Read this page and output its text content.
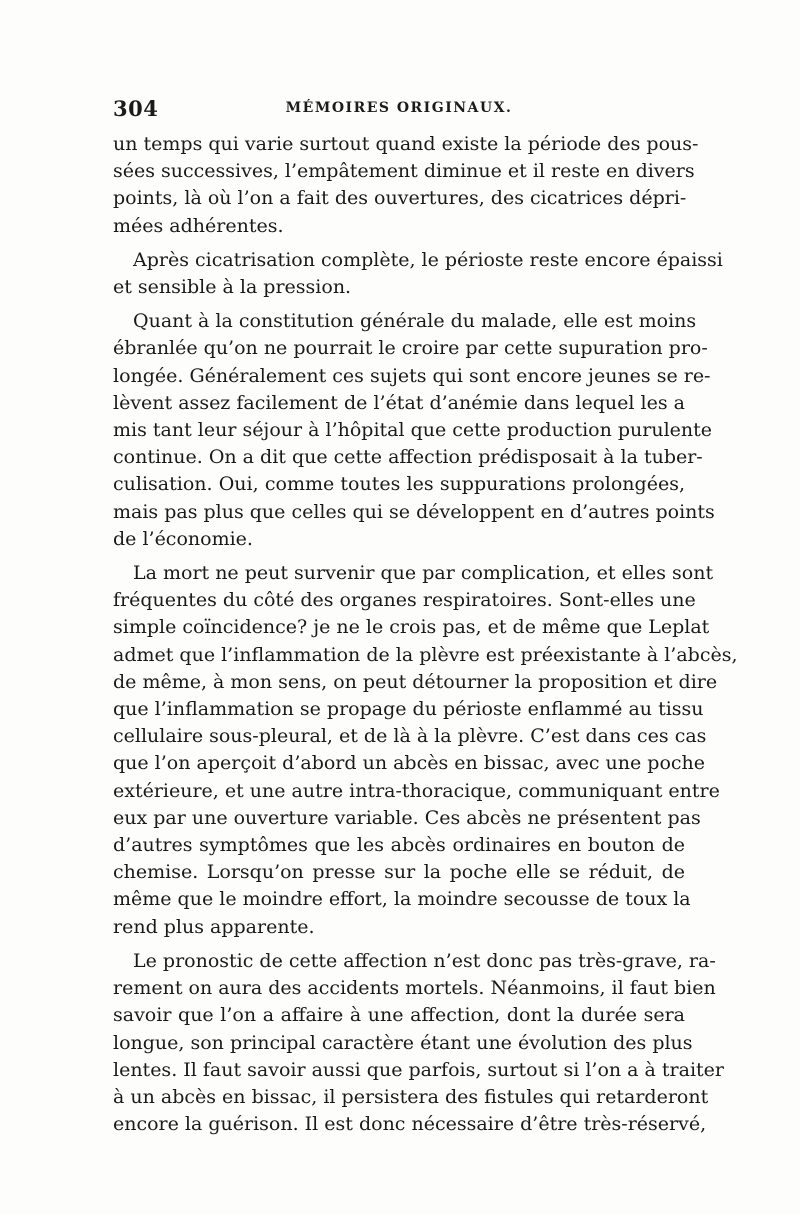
304	MÉMOIRES ORIGINAUX.

un temps qui varie surtout quand existe la période des pous-
sées successives, l’empâtement diminue et il reste en divers
points, là où l’on a fait des ouvertures, des cicatrices dépri-
mées adhérentes.

Après cicatrisation complète, le périoste reste encore épaissi
et sensible à la pression.

Quant à la constitution générale du malade, elle est moins
ébranlée qu’on ne pourrait le croire par cette supuration pro-
longée. Généralement ces sujets qui sont encore jeunes se re-
lèvent assez facilement de l’état d’anémie dans lequel les a
mis tant leur séjour à l’hôpital que cette production purulente
continue. On a dit que cette affection prédisposait à la tuber-
culisation. Oui, comme toutes les suppurations prolongées,
mais pas plus que celles qui se développent en d’autres points
de l’économie.

La mort ne peut survenir que par complication, et elles sont
fréquentes du côté des organes respiratoires. Sont-elles une
simple coïncidence? je ne le crois pas, et de même que Leplat
admet que l’inflammation de la plèvre est préexistante à l’abcès,
de même, à mon sens, on peut détourner la proposition et dire
que l’inflammation se propage du périoste enflammé au tissu
cellulaire sous-pleural, et de là à la plèvre. C’est dans ces cas
que l’on aperçoit d’abord un abcès en bissac, avec une poche
extérieure, et une autre intra-thoracique, communiquant entre
eux par une ouverture variable. Ces abcès ne présentent pas
d’autres symptômes que les abcès ordinaires en bouton de
chemise. Lorsqu’on presse sur la poche elle se réduit, de
même que le moindre effort, la moindre secousse de toux la
rend plus apparente.

Le pronostic de cette affection n’est donc pas très-grave, ra-
rement on aura des accidents mortels. Néanmoins, il faut bien
savoir que l’on a affaire à une affection, dont la durée sera
longue, son principal caractère étant une évolution des plus
lentes. Il faut savoir aussi que parfois, surtout si l’on a à traiter
à un abcès en bissac, il persistera des fistules qui retarderont
encore la guérison. Il est donc nécessaire d’être très-réservé,
